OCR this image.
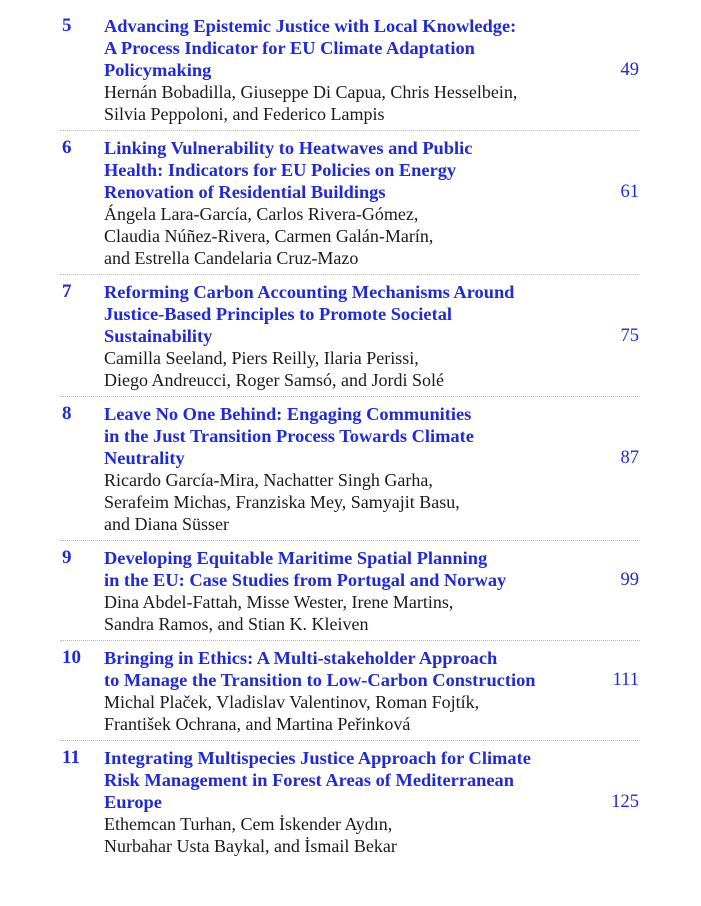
5 Advancing Epistemic Justice with Local Knowledge:
A Process Indicator for EU Climate Adaptation
Policymaking
Hernán Bobadilla, Giuseppe Di Capua, Chris Hesselbein,
Silvia Peppoloni, and Federico Lampis
49
6 Linking Vulnerability to Heatwaves and Public
Health: Indicators for EU Policies on Energy
Renovation of Residential Buildings
Ángela Lara-García, Carlos Rivera-Gómez,
Claudia Núñez-Rivera, Carmen Galán-Marín,
and Estrella Candelaria Cruz-Mazo
61
7 Reforming Carbon Accounting Mechanisms Around
Justice-Based Principles to Promote Societal
Sustainability
Camilla Seeland, Piers Reilly, Ilaria Perissi,
Diego Andreucci, Roger Samsó, and Jordi Solé
75
8 Leave No One Behind: Engaging Communities
in the Just Transition Process Towards Climate
Neutrality
Ricardo García-Mira, Nachatter Singh Garha,
Serafeim Michas, Franziska Mey, Samyajit Basu,
and Diana Süsser
87
9 Developing Equitable Maritime Spatial Planning
in the EU: Case Studies from Portugal and Norway
Dina Abdel-Fattah, Misse Wester, Irene Martins,
Sandra Ramos, and Stian K. Kleiven
99
10 Bringing in Ethics: A Multi-stakeholder Approach
to Manage the Transition to Low-Carbon Construction
Michal Plaček, Vladislav Valentinov, Roman Fojtík,
František Ochrana, and Martina Peřinková
111
11 Integrating Multispecies Justice Approach for Climate
Risk Management in Forest Areas of Mediterranean
Europe
Ethemcan Turhan, Cem İskender Aydın,
Nurbahar Usta Baykal, and İsmail Bekar
125
